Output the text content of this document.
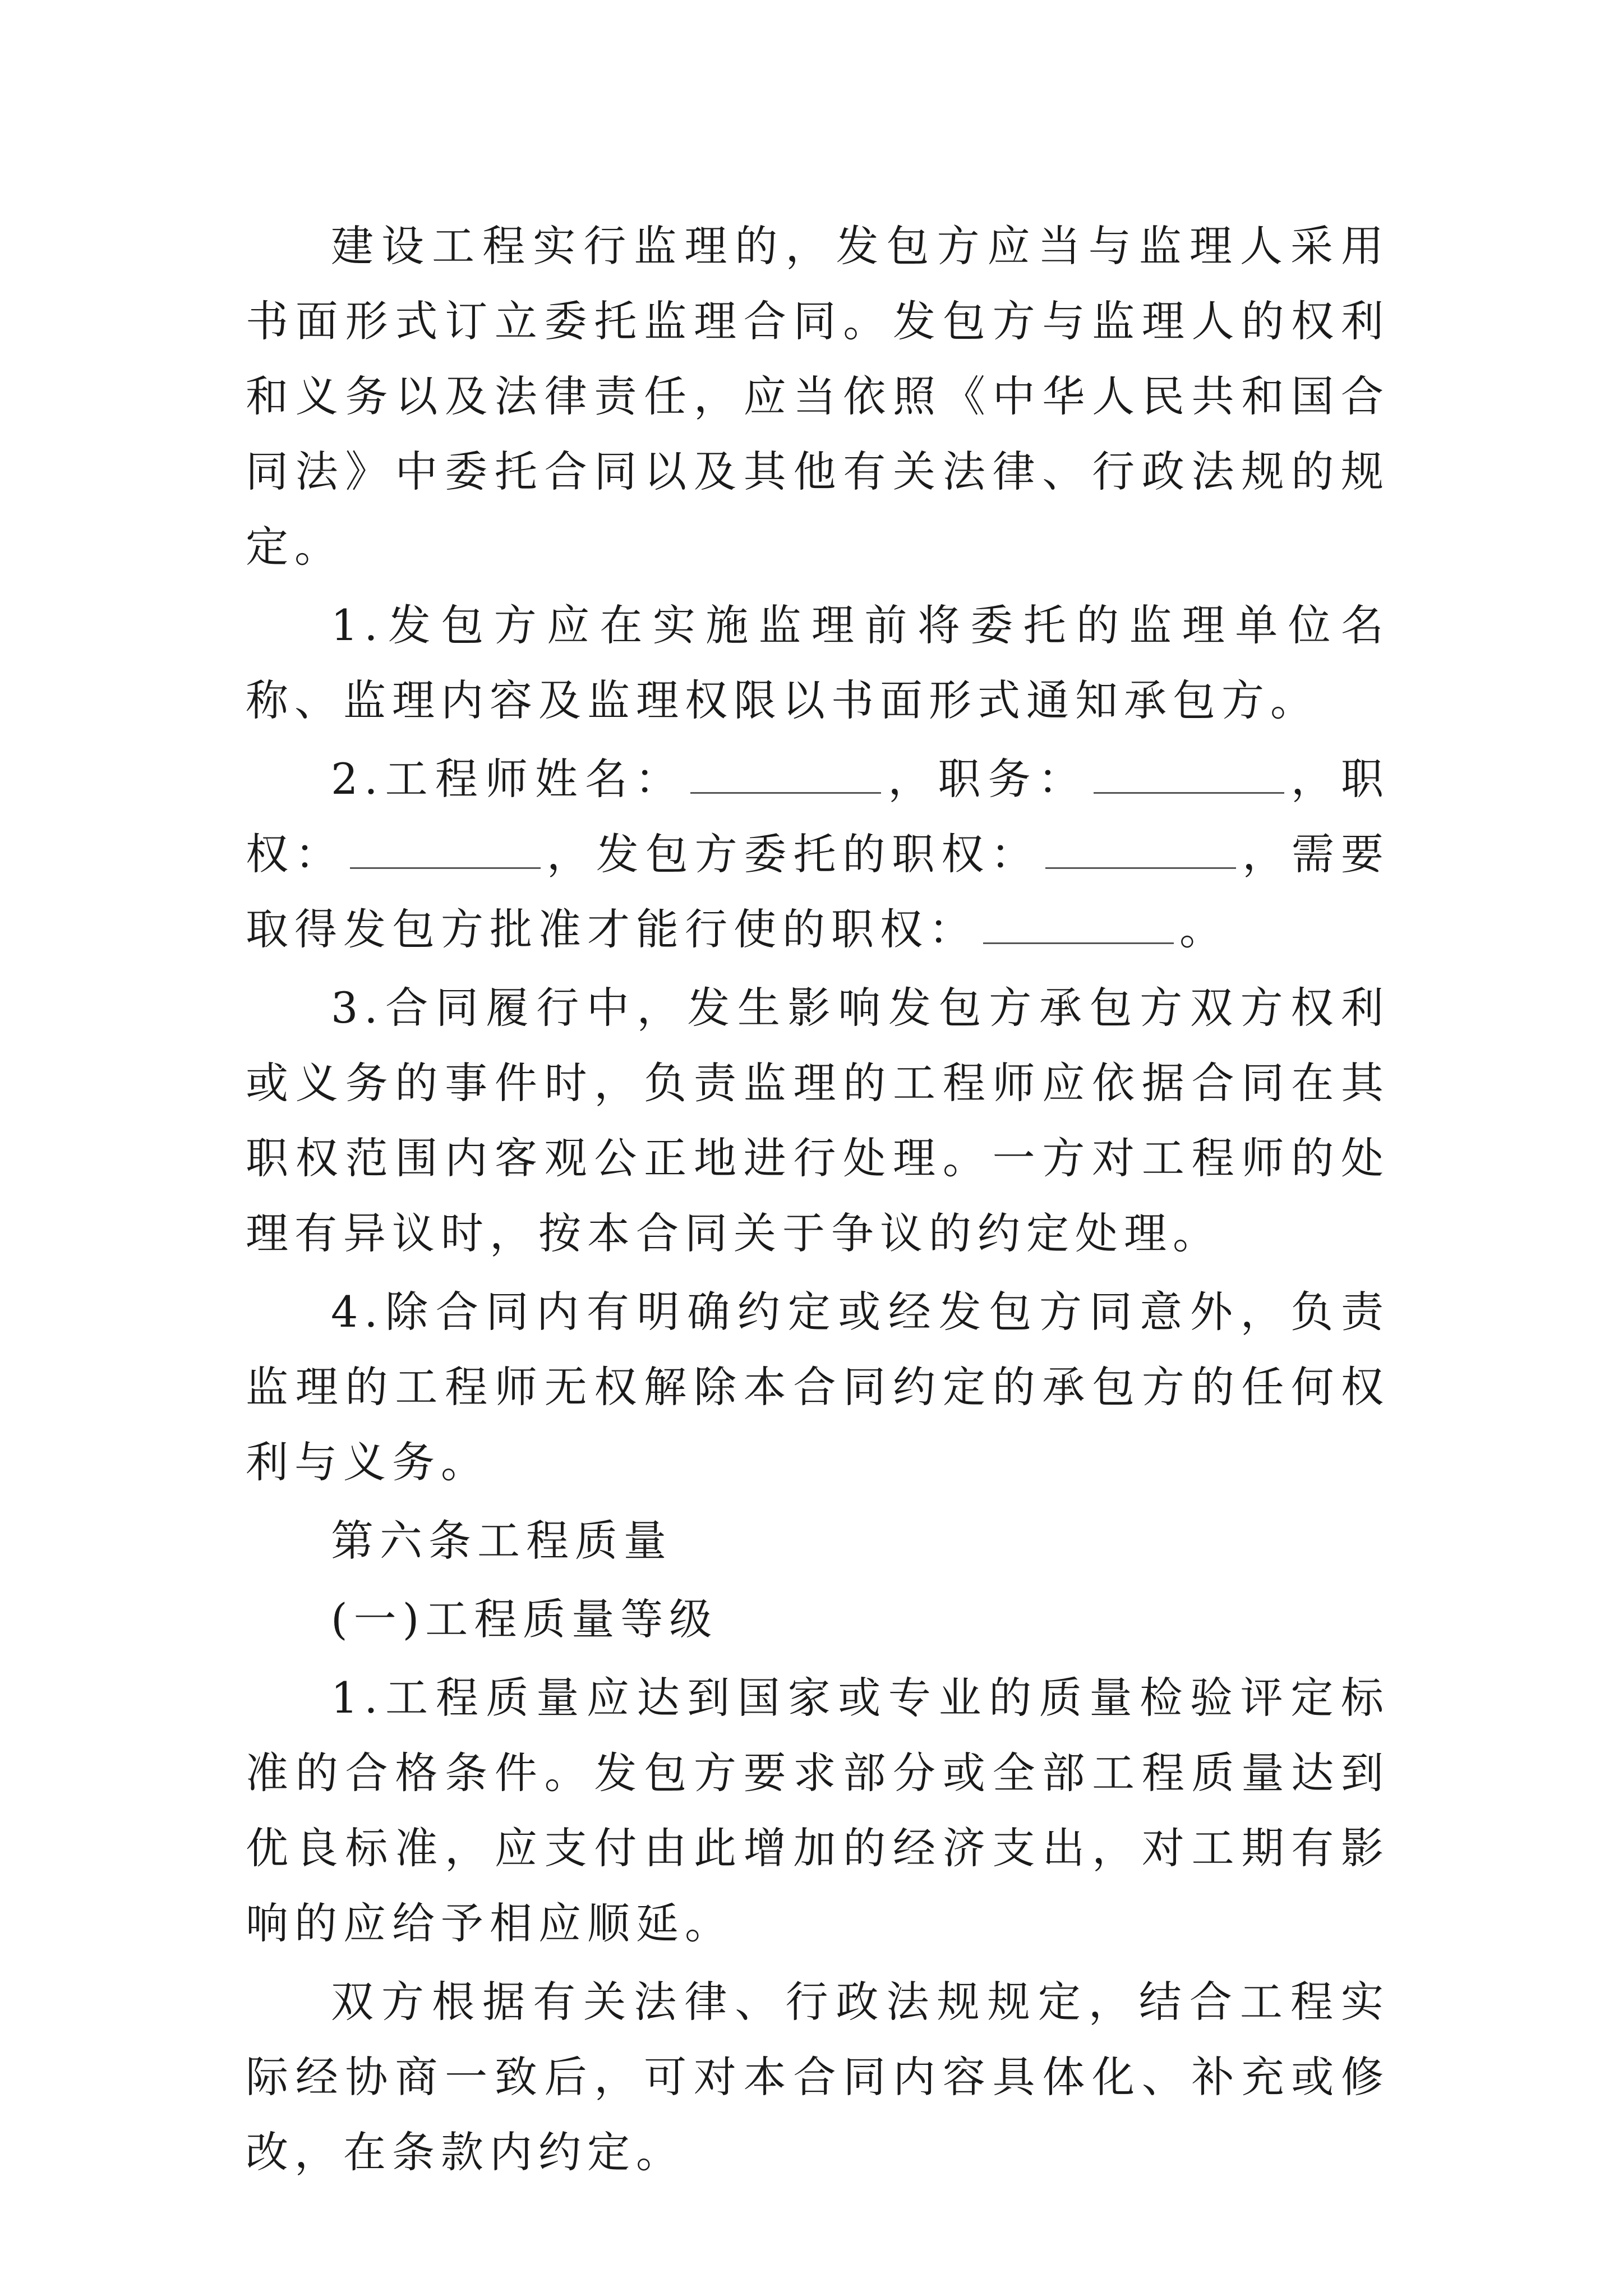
建设工程实行监理的，发包方应当与监理人采用书面形式订立委托监理合同。发包方与监理人的权利和义务以及法律责任，应当依照《中华人民共和国合同法》中委托合同以及其他有关法律、行政法规的规定。

1.发包方应在实施监理前将委托的监理单位名称、监理内容及监理权限以书面形式通知承包方。

2.工程师姓名：	，职务：	，职权：	，发包方委托的职权：	，需要取得发包方批准才能行使的职权：	。

3.合同履行中，发生影响发包方承包方双方权利或义务的事件时，负责监理的工程师应依据合同在其职权范围内客观公正地进行处理。一方对工程师的处理有异议时，按本合同关于争议的约定处理。

4.除合同内有明确约定或经发包方同意外，负责监理的工程师无权解除本合同约定的承包方的任何权利与义务。

第六条工程质量

(一)工程质量等级

1.工程质量应达到国家或专业的质量检验评定标准的合格条件。发包方要求部分或全部工程质量达到优良标准，应支付由此增加的经济支出，对工期有影响的应给予相应顺延。

双方根据有关法律、行政法规规定，结合工程实际经协商一致后，可对本合同内容具体化、补充或修改，在条款内约定。
